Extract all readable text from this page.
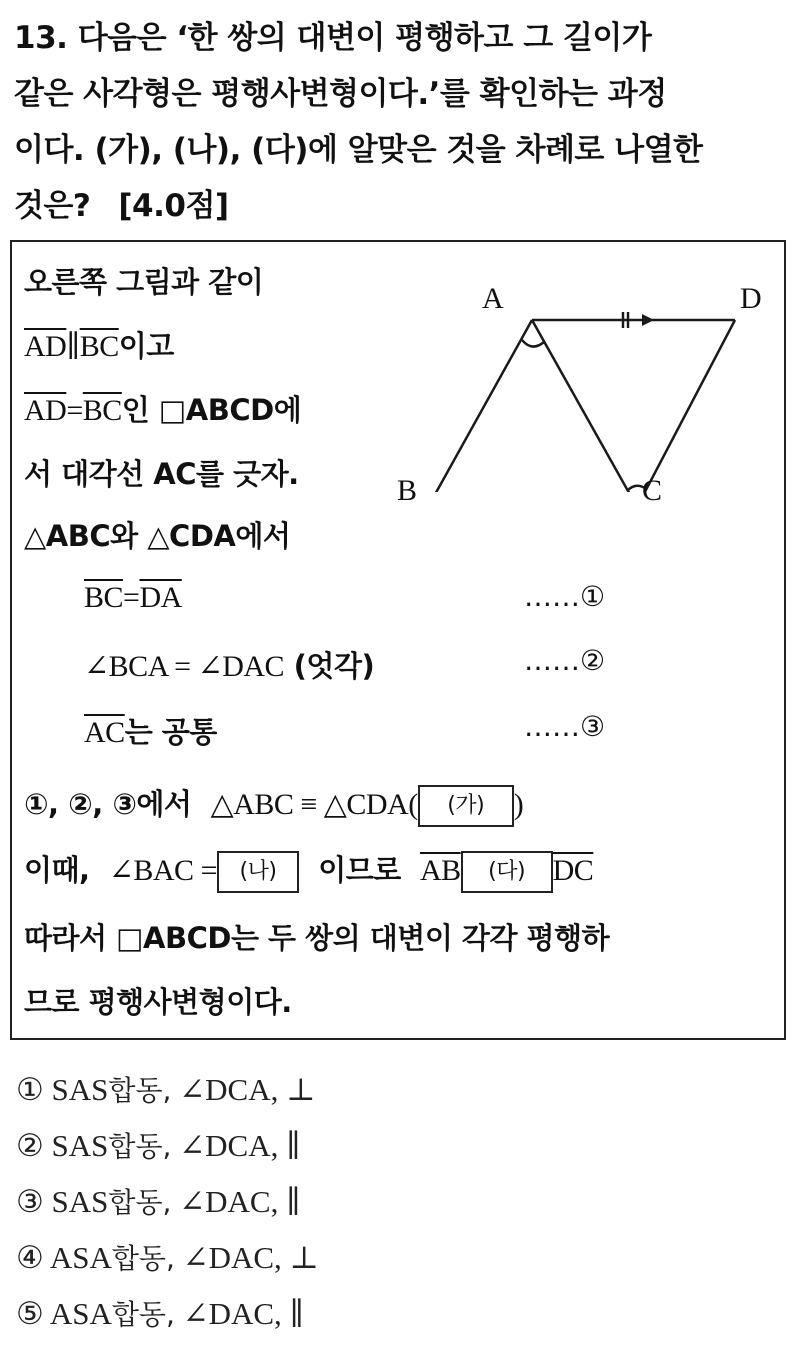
13. 다음은 ‘한 쌍의 대변이 평행하고 그 길이가
같은 사각형은 평행사변형이다.’를 확인하는 과정
이다. (가), (나), (다)에 알맞은 것을 차례로 나열한
것은? [4.0점]
A	D
B	C
오른쪽 그림과 같이
$\overline{AD}\parallel\overline{BC}$이고
$\overline{AD}=\overline{BC}$인 □ABCD에
서 대각선 AC를 긋자.
△ABC와 △CDA에서
$\overline{BC}=\overline{DA}$	……①
∠BCA = ∠DAC (엇각)	……②
$\overline{AC}$는 공통	……③
①, ②, ③에서 △ABC ≡ △CDA( (가) )
이때, ∠BAC = (나) 이므로 $\overline{AB}$ (다) $\overline{DC}$
따라서 □ABCD는 두 쌍의 대변이 각각 평행하
므로 평행사변형이다.
① SAS합동, ∠DCA, ⊥
② SAS합동, ∠DCA, ∥
③ SAS합동, ∠DAC, ∥
④ ASA합동, ∠DAC, ⊥
⑤ ASA합동, ∠DAC, ∥
